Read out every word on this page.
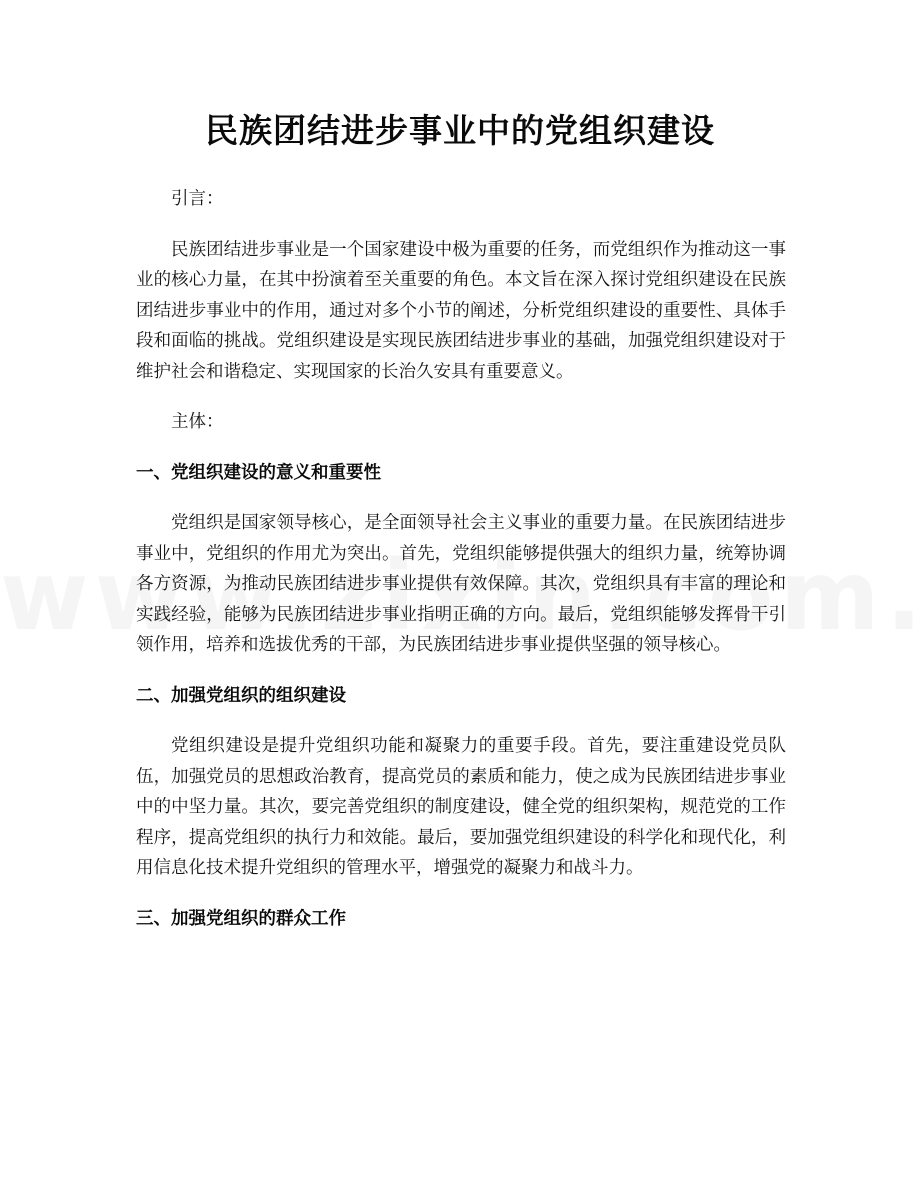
民族团结进步事业中的党组织建设

引言：

民族团结进步事业是一个国家建设中极为重要的任务，而党组织作为推动这一事业的核心力量，在其中扮演着至关重要的角色。本文旨在深入探讨党组织建设在民族团结进步事业中的作用，通过对多个小节的阐述，分析党组织建设的重要性、具体手段和面临的挑战。党组织建设是实现民族团结进步事业的基础，加强党组织建设对于维护社会和谐稳定、实现国家的长治久安具有重要意义。

主体：

一、党组织建设的意义和重要性

党组织是国家领导核心，是全面领导社会主义事业的重要力量。在民族团结进步事业中，党组织的作用尤为突出。首先，党组织能够提供强大的组织力量，统筹协调各方资源，为推动民族团结进步事业提供有效保障。其次，党组织具有丰富的理论和实践经验，能够为民族团结进步事业指明正确的方向。最后，党组织能够发挥骨干引领作用，培养和选拔优秀的干部，为民族团结进步事业提供坚强的领导核心。

二、加强党组织的组织建设

党组织建设是提升党组织功能和凝聚力的重要手段。首先，要注重建设党员队伍，加强党员的思想政治教育，提高党员的素质和能力，使之成为民族团结进步事业中的中坚力量。其次，要完善党组织的制度建设，健全党的组织架构，规范党的工作程序，提高党组织的执行力和效能。最后，要加强党组织建设的科学化和现代化，利用信息化技术提升党组织的管理水平，增强党的凝聚力和战斗力。

三、加强党组织的群众工作
